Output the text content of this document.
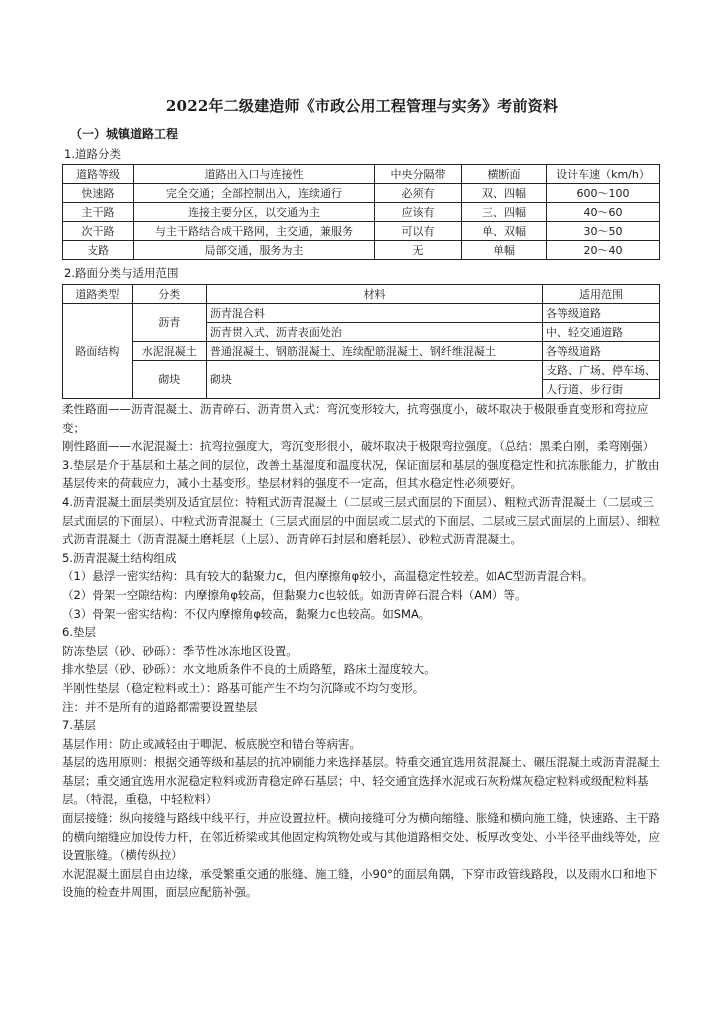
2022年二级建造师《市政公用工程管理与实务》考前资料
（一）城镇道路工程
1.道路分类
道路等级	道路出入口与连接性	中央分隔带	横断面	设计车速（km/h）
快速路	完全交通；全部控制出入，连续通行	必须有	双、四幅	600～100
主干路	连接主要分区，以交通为主	应该有	三、四幅	40～60
次干路	与主干路结合成干路网，主交通，兼服务	可以有	单、双幅	30～50
支路	局部交通，服务为主	无	单幅	20～40
2.路面分类与适用范围
道路类型	分类	材料	适用范围
路面结构	沥青	沥青混合料	各等级道路
		沥青贯入式、沥青表面处治	中、轻交通道路
	水泥混凝土	普通混凝土、钢筋混凝土、连续配筋混凝土、钢纤维混凝土	各等级道路
	砌块	砌块	支路、广场、停车场、
			人行道、步行街

柔性路面——沥青混凝土、沥青碎石、沥青贯入式：弯沉变形较大，抗弯强度小，破坏取决于极限垂直变形和弯拉应变；

刚性路面——水泥混凝土：抗弯拉强度大，弯沉变形很小，破坏取决于极限弯拉强度。（总结：黑柔白刚，柔弯刚强）

3.垫层是介于基层和土基之间的层位，改善土基湿度和温度状况，保证面层和基层的强度稳定性和抗冻胀能力，扩散由基层传来的荷载应力，减小土基变形。垫层材料的强度不一定高，但其水稳定性必须要好。

4.沥青混凝土面层类别及适宜层位：特粗式沥青混凝土（二层或三层式面层的下面层）、粗粒式沥青混凝土（二层或三层式面层的下面层）、中粒式沥青混凝土（三层式面层的中面层或二层式的下面层、二层或三层式面层的上面层）、细粒式沥青混凝土（沥青混凝土磨耗层（上层）、沥青碎石封层和磨耗层）、砂粒式沥青混凝土。

5.沥青混凝土结构组成

（1）悬浮一密实结构：具有较大的黏聚力c，但内摩擦角φ较小，高温稳定性较差。如AC型沥青混合料。

（2）骨架一空隙结构：内摩擦角φ较高，但黏聚力c也较低。如沥青碎石混合料（AM）等。

（3）骨架一密实结构：不仅内摩擦角φ较高，黏聚力c也较高。如SMA。

6.垫层

防冻垫层（砂、砂砾）：季节性冰冻地区设置。

排水垫层（砂、砂砾）：水文地质条件不良的土质路堑，路床土湿度较大。

半刚性垫层（稳定粒料或土）：路基可能产生不均匀沉降或不均匀变形。

注：并不是所有的道路都需要设置垫层

7.基层

基层作用：防止或减轻由于唧泥、板底脱空和错台等病害。

基层的选用原则：根据交通等级和基层的抗冲刷能力来选择基层。特重交通宜选用贫混凝土、碾压混凝土或沥青混凝土基层；重交通宜选用水泥稳定粒料或沥青稳定碎石基层；中、轻交通宜选择水泥或石灰粉煤灰稳定粒料或级配粒料基层。（特混，重稳，中轻粒料）

面层接缝：纵向接缝与路线中线平行，并应设置拉杆。横向接缝可分为横向缩缝、胀缝和横向施工缝，快速路、主干路的横向缩缝应加设传力杆，在邻近桥梁或其他固定构筑物处或与其他道路相交处、板厚改变处、小半径平曲线等处，应设置胀缝。（横传纵拉）

水泥混凝土面层自由边缘，承受繁重交通的胀缝、施工缝，小90°的面层角隅，下穿市政管线路段，以及雨水口和地下设施的检查井周围，面层应配筋补强。
